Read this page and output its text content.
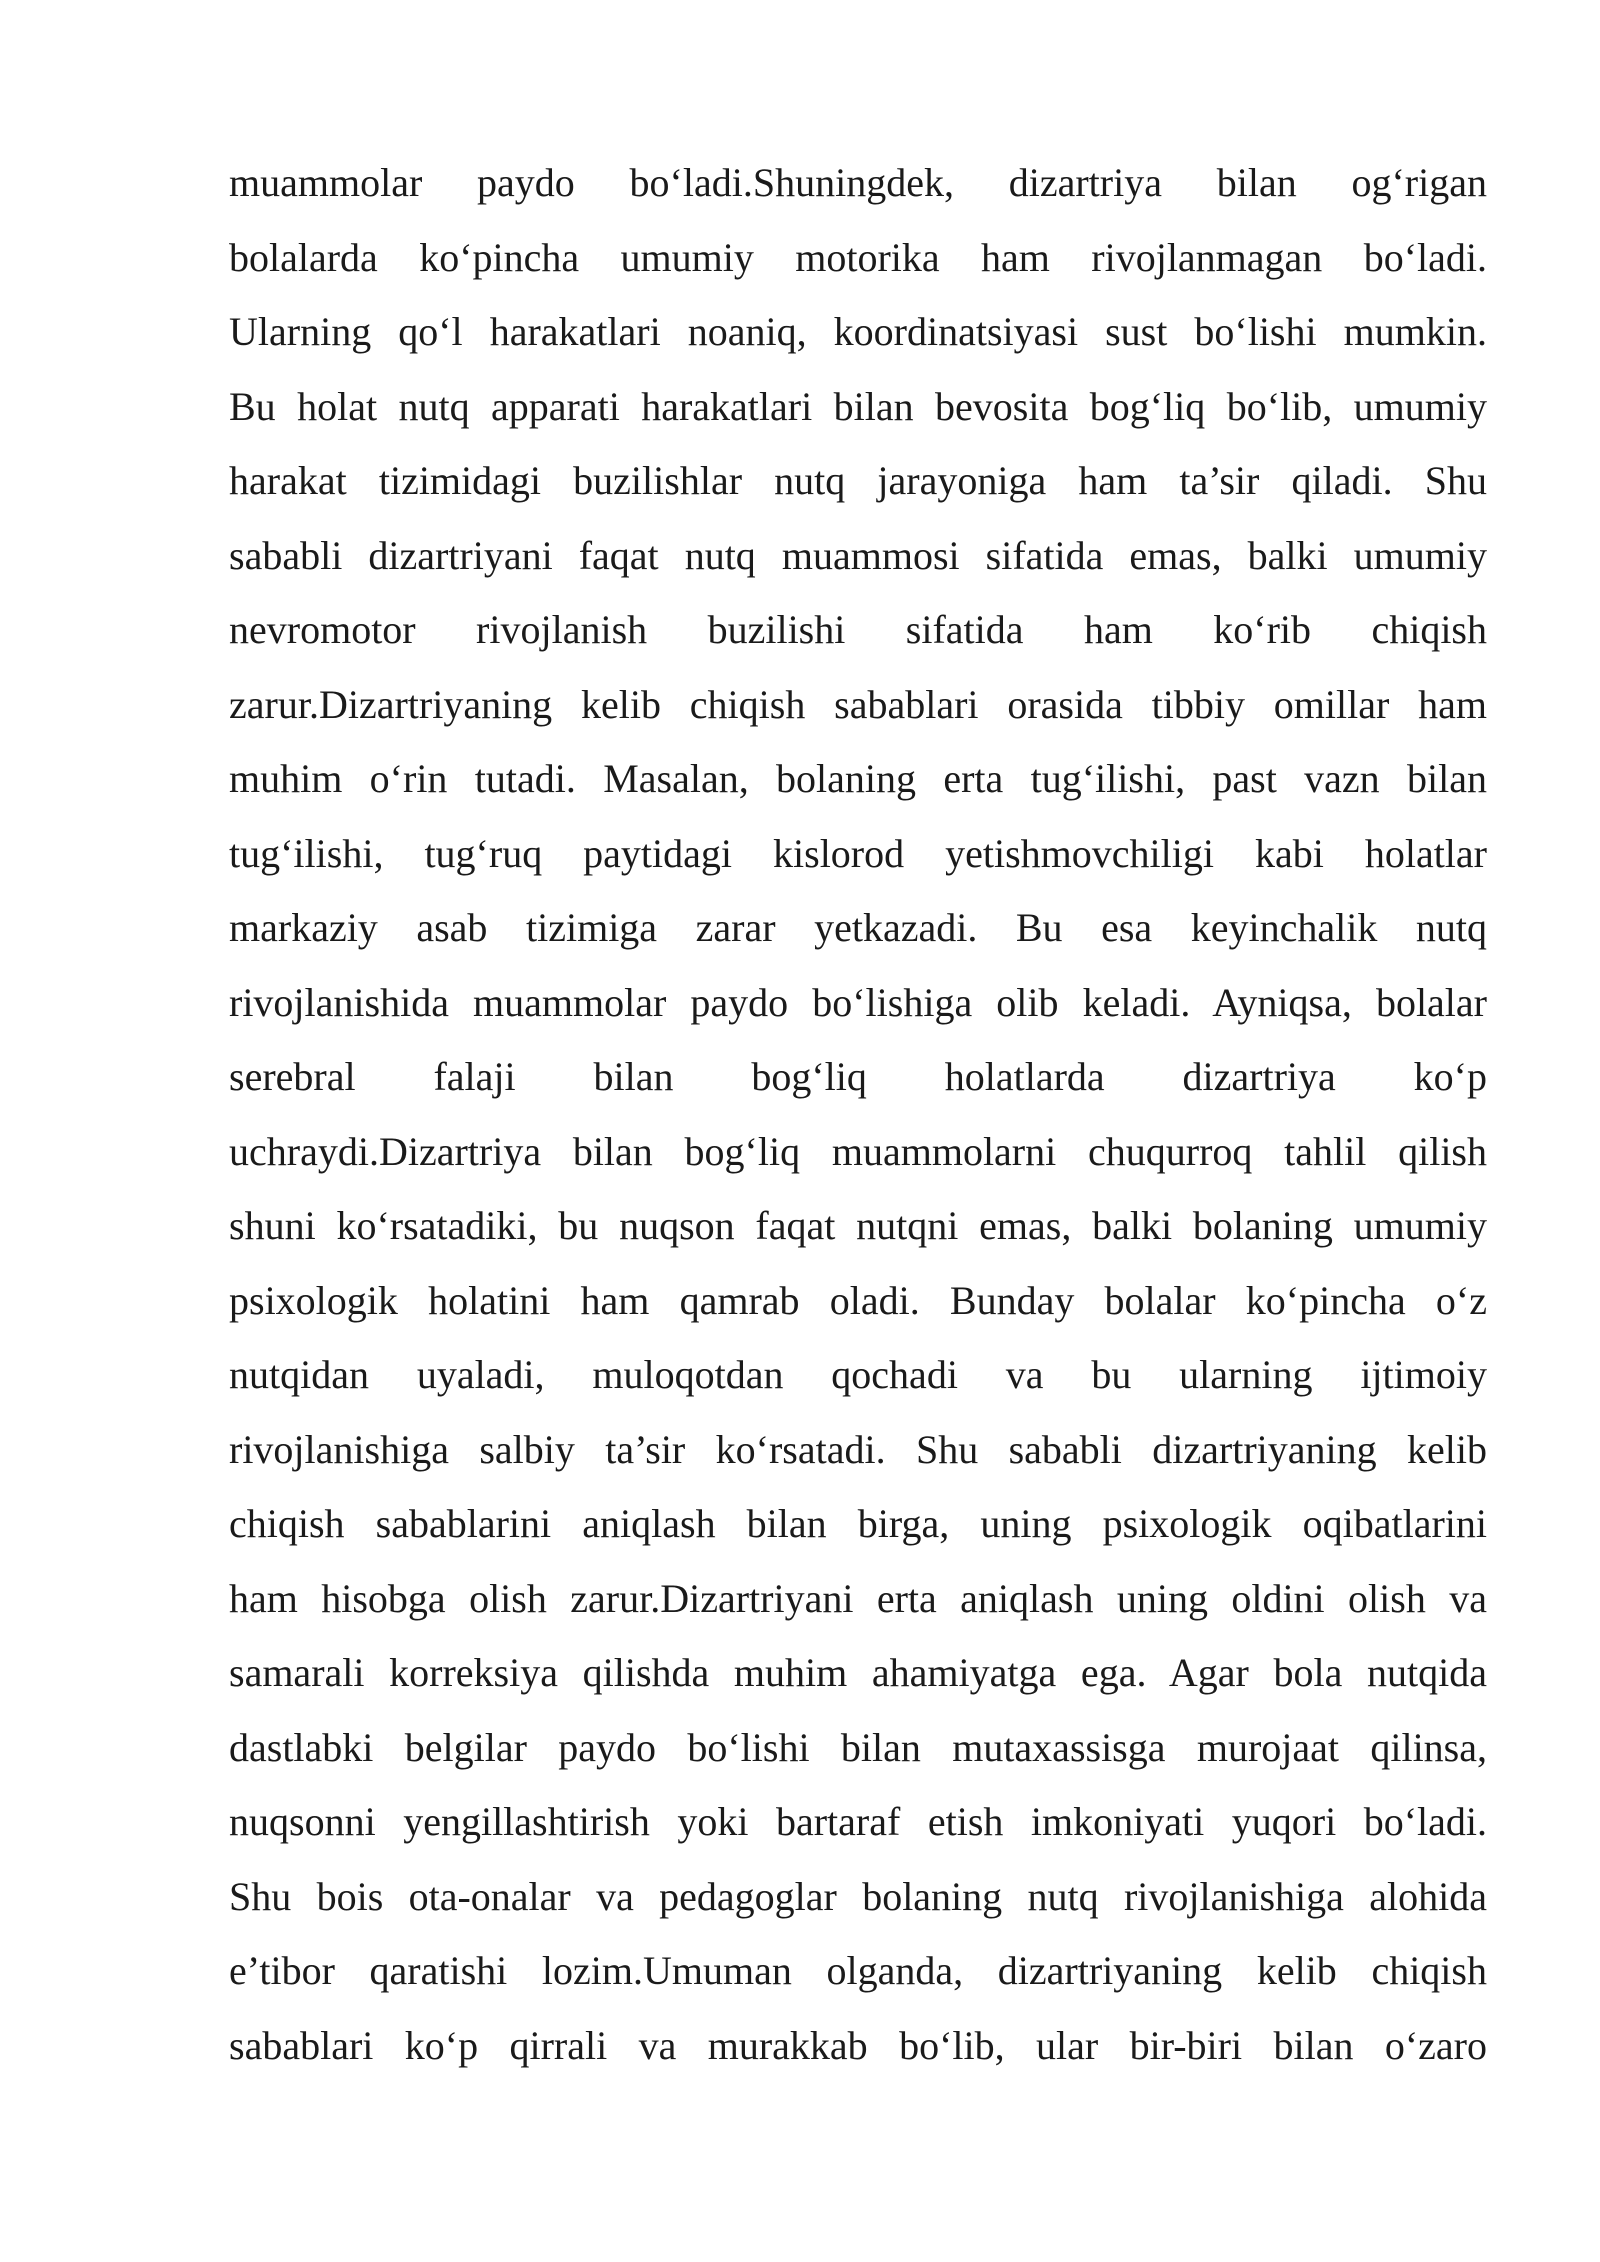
muammolar paydo bo‘ladi.Shuningdek, dizartriya bilan og‘rigan
bolalarda ko‘pincha umumiy motorika ham rivojlanmagan bo‘ladi.
Ularning qo‘l harakatlari noaniq, koordinatsiyasi sust bo‘lishi mumkin.
Bu holat nutq apparati harakatlari bilan bevosita bog‘liq bo‘lib, umumiy
harakat tizimidagi buzilishlar nutq jarayoniga ham ta’sir qiladi. Shu
sababli dizartriyani faqat nutq muammosi sifatida emas, balki umumiy
nevromotor rivojlanish buzilishi sifatida ham ko‘rib chiqish
zarur.Dizartriyaning kelib chiqish sabablari orasida tibbiy omillar ham
muhim o‘rin tutadi. Masalan, bolaning erta tug‘ilishi, past vazn bilan
tug‘ilishi, tug‘ruq paytidagi kislorod yetishmovchiligi kabi holatlar
markaziy asab tizimiga zarar yetkazadi. Bu esa keyinchalik nutq
rivojlanishida muammolar paydo bo‘lishiga olib keladi. Ayniqsa, bolalar
serebral falaji bilan bog‘liq holatlarda dizartriya ko‘p
uchraydi.Dizartriya bilan bog‘liq muammolarni chuqurroq tahlil qilish
shuni ko‘rsatadiki, bu nuqson faqat nutqni emas, balki bolaning umumiy
psixologik holatini ham qamrab oladi. Bunday bolalar ko‘pincha o‘z
nutqidan uyaladi, muloqotdan qochadi va bu ularning ijtimoiy
rivojlanishiga salbiy ta’sir ko‘rsatadi. Shu sababli dizartriyaning kelib
chiqish sabablarini aniqlash bilan birga, uning psixologik oqibatlarini
ham hisobga olish zarur.Dizartriyani erta aniqlash uning oldini olish va
samarali korreksiya qilishda muhim ahamiyatga ega. Agar bola nutqida
dastlabki belgilar paydo bo‘lishi bilan mutaxassisga murojaat qilinsa,
nuqsonni yengillashtirish yoki bartaraf etish imkoniyati yuqori bo‘ladi.
Shu bois ota-onalar va pedagoglar bolaning nutq rivojlanishiga alohida
e’tibor qaratishi lozim.Umuman olganda, dizartriyaning kelib chiqish
sabablari ko‘p qirrali va murakkab bo‘lib, ular bir-biri bilan o‘zaro
